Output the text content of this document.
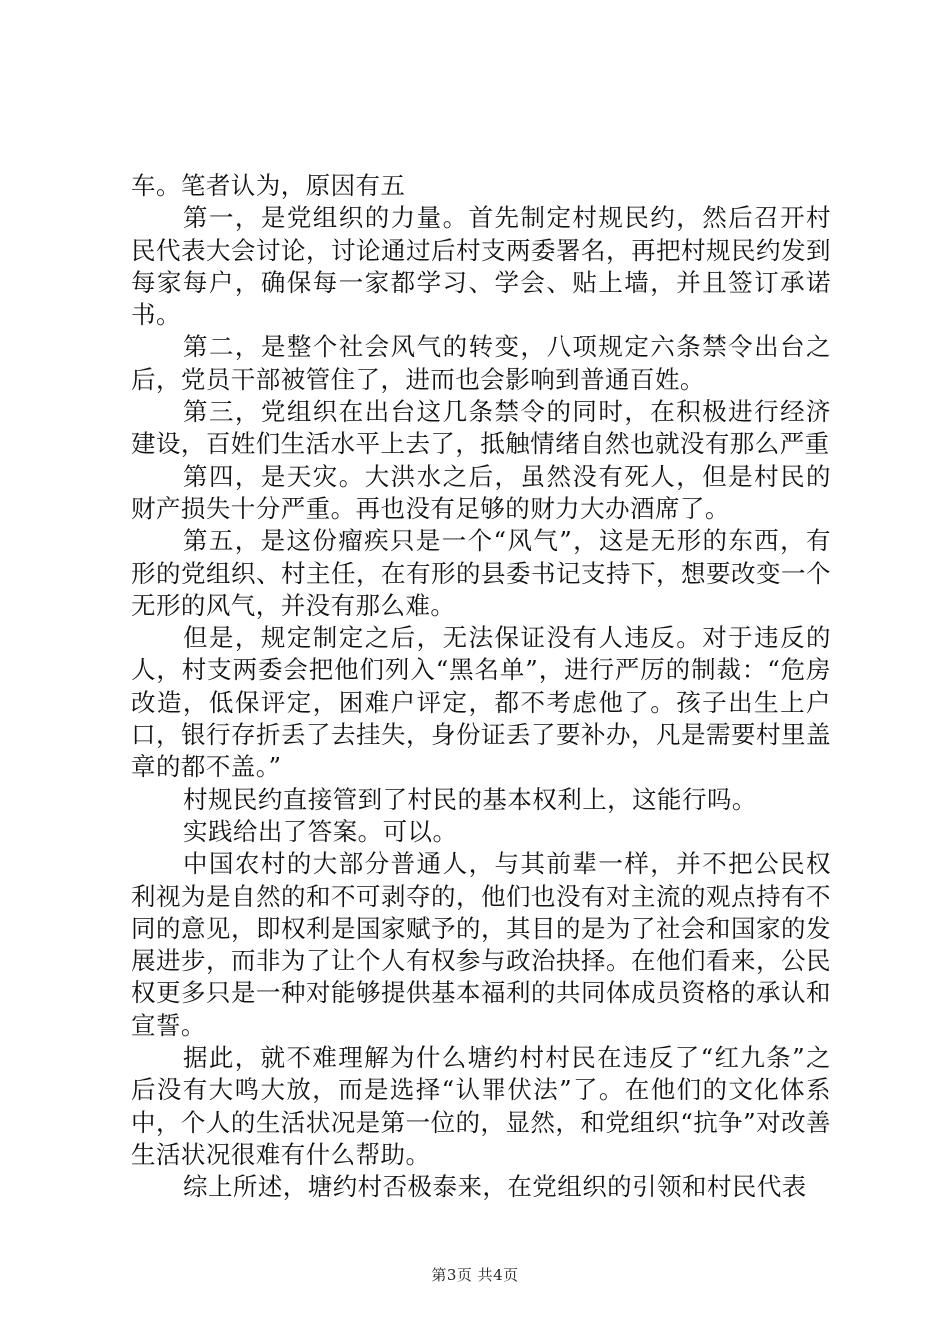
车。笔者认为，原因有五

第一，是党组织的力量。首先制定村规民约，然后召开村民代表大会讨论，讨论通过后村支两委署名，再把村规民约发到每家每户，确保每一家都学习、学会、贴上墙，并且签订承诺书。

第二，是整个社会风气的转变，八项规定六条禁令出台之后，党员干部被管住了，进而也会影响到普通百姓。

第三，党组织在出台这几条禁令的同时，在积极进行经济建设，百姓们生活水平上去了，抵触情绪自然也就没有那么严重

第四，是天灾。大洪水之后，虽然没有死人，但是村民的财产损失十分严重。再也没有足够的财力大办酒席了。

第五，是这份瘤疾只是一个“风气”，这是无形的东西，有形的党组织、村主任，在有形的县委书记支持下，想要改变一个无形的风气，并没有那么难。

但是，规定制定之后，无法保证没有人违反。对于违反的人，村支两委会把他们列入“黑名单”，进行严厉的制裁：“危房改造，低保评定，困难户评定，都不考虑他了。孩子出生上户口，银行存折丢了去挂失，身份证丢了要补办，凡是需要村里盖章的都不盖。”

村规民约直接管到了村民的基本权利上，这能行吗。

实践给出了答案。可以。

中国农村的大部分普通人，与其前辈一样，并不把公民权利视为是自然的和不可剥夺的，他们也没有对主流的观点持有不同的意见，即权利是国家赋予的，其目的是为了社会和国家的发展进步，而非为了让个人有权参与政治抉择。在他们看来，公民权更多只是一种对能够提供基本福利的共同体成员资格的承认和宣誓。

据此，就不难理解为什么塘约村村民在违反了“红九条”之后没有大鸣大放，而是选择“认罪伏法”了。在他们的文化体系中，个人的生活状况是第一位的，显然，和党组织“抗争”对改善生活状况很难有什么帮助。

综上所述，塘约村否极泰来，在党组织的引领和村民代表

第3页 共4页
